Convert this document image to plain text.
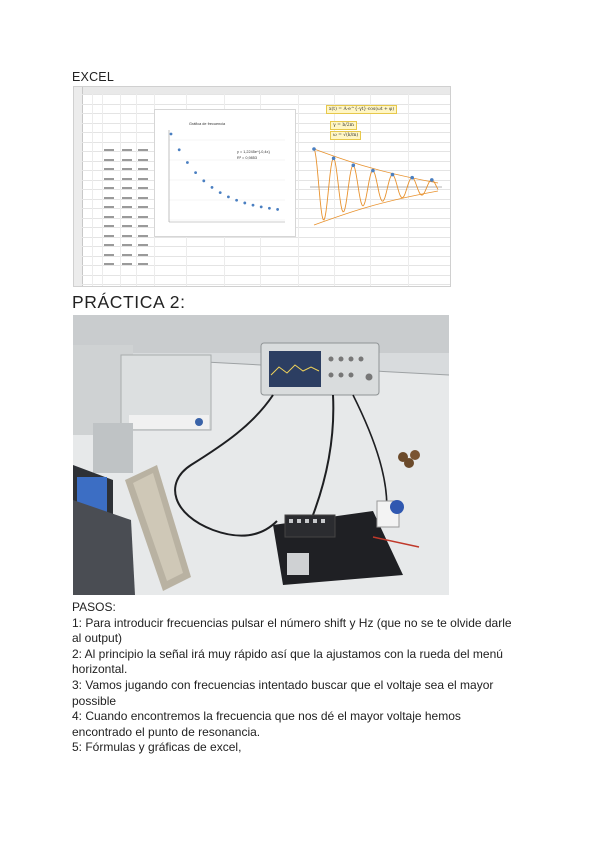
EXCEL
Gráfica de frecuencia
y = 1,2245e^{-0,4x}
R² = 0,9853
x(t) = A·e^{-γt}·cos(ωt + φ)
γ = b/2m
ω = √(k/m)
PRÁCTICA 2:
PASOS:
1: Para introducir frecuencias pulsar el número shift y Hz (que no se te olvide darle
al output)
2: Al principio la señal irá muy rápido así que la ajustamos con la rueda del menú
horizontal.
3: Vamos jugando con frecuencias intentado buscar que el voltaje sea el mayor
possible
4: Cuando encontremos la frecuencia que nos dé el mayor voltaje hemos
encontrado el punto de resonancia.
5: Fórmulas y gráficas de excel,
